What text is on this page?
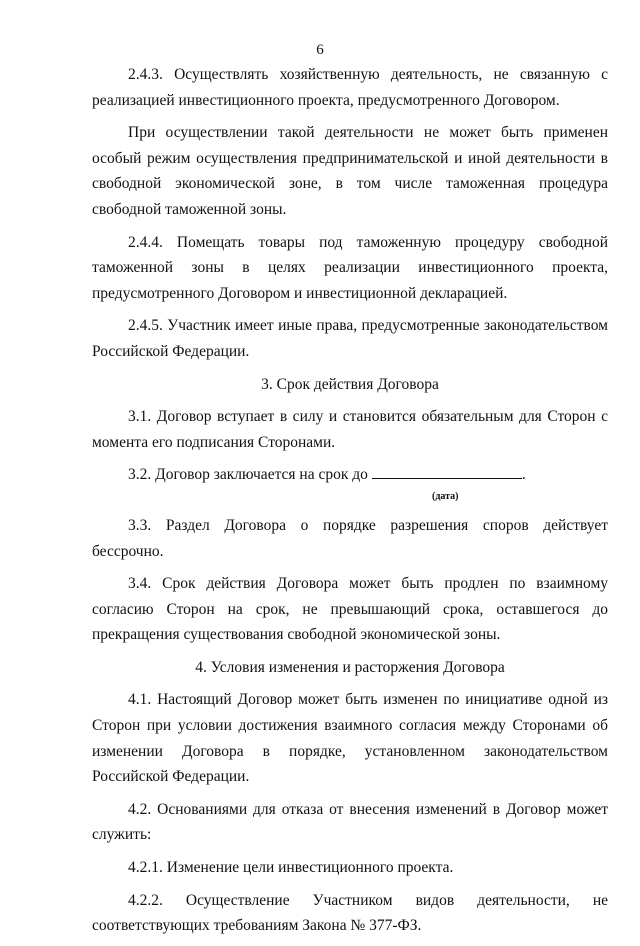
6

2.4.3. Осуществлять хозяйственную деятельность, не связанную с реализацией инвестиционного проекта, предусмотренного Договором.

При осуществлении такой деятельности не может быть применен особый режим осуществления предпринимательской и иной деятельности в свободной экономической зоне, в том числе таможенная процедура свободной таможенной зоны.

2.4.4. Помещать товары под таможенную процедуру свободной таможенной зоны в целях реализации инвестиционного проекта, предусмотренного Договором и инвестиционной декларацией.

2.4.5. Участник имеет иные права, предусмотренные законодательством Российской Федерации.

3. Срок действия Договора

3.1. Договор вступает в силу и становится обязательным для Сторон с момента его подписания Сторонами.

3.2. Договор заключается на срок до	.

(дата)

3.3. Раздел Договора о порядке разрешения споров действует бессрочно.

3.4. Срок действия Договора может быть продлен по взаимному согласию Сторон на срок, не превышающий срока, оставшегося до прекращения существования свободной экономической зоны.

4. Условия изменения и расторжения Договора

4.1. Настоящий Договор может быть изменен по инициативе одной из Сторон при условии достижения взаимного согласия между Сторонами об изменении Договора в порядке, установленном законодательством Российской Федерации.

4.2. Основаниями для отказа от внесения изменений в Договор может служить:

4.2.1. Изменение цели инвестиционного проекта.

4.2.2. Осуществление Участником видов деятельности, не соответствующих требованиям Закона № 377-ФЗ.
